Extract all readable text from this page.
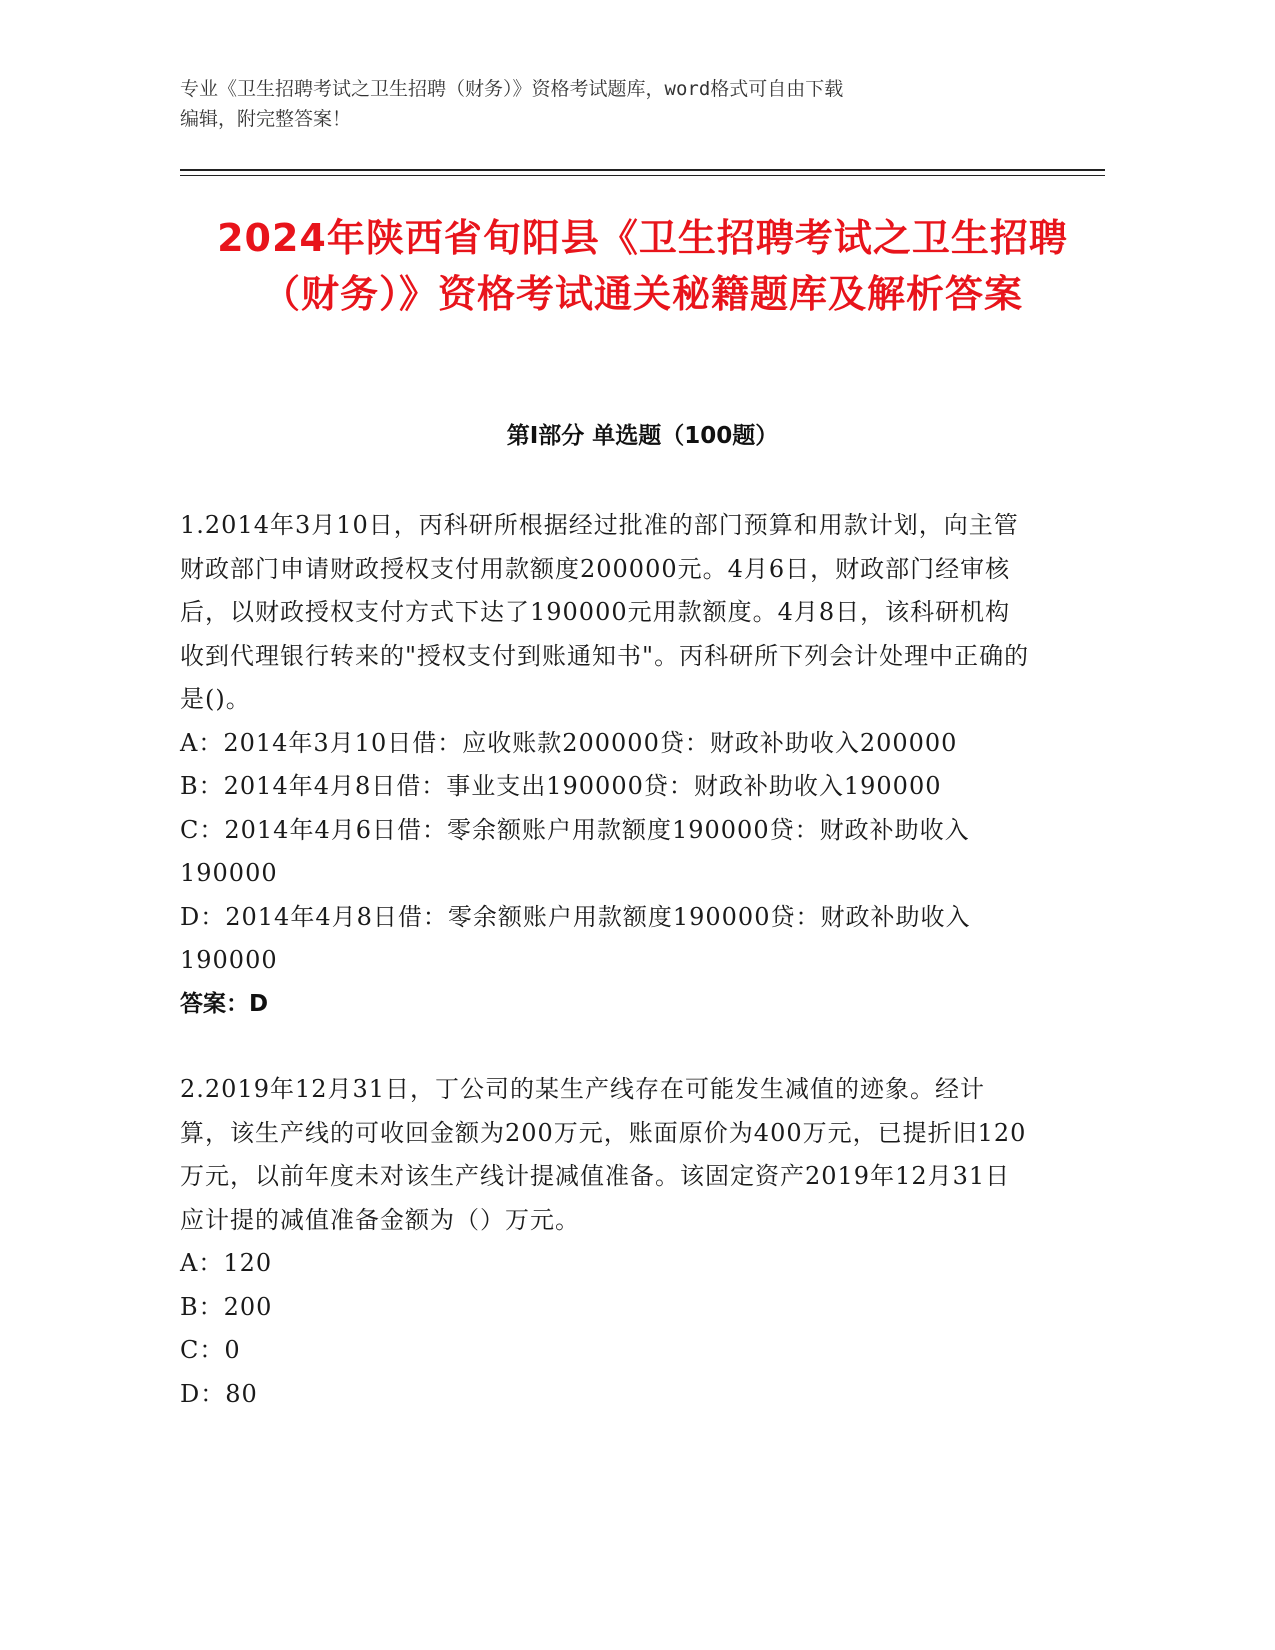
专业《卫生招聘考试之卫生招聘（财务）》资格考试题库，word格式可自由下载
编辑，附完整答案！
2024年陕西省旬阳县《卫生招聘考试之卫生招聘（财务）》资格考试通关秘籍题库及解析答案
第Ⅰ部分 单选题（100题）

1.2014年3月10日，丙科研所根据经过批准的部门预算和用款计划，向主管财政部门申请财政授权支付用款额度200000元。4月6日，财政部门经审核后，以财政授权支付方式下达了190000元用款额度。4月8日，该科研机构收到代理银行转来的"授权支付到账通知书"。丙科研所下列会计处理中正确的是()。

A：2014年3月10日借：应收账款200000贷：财政补助收入200000

B：2014年4月8日借：事业支出190000贷：财政补助收入190000

C：2014年4月6日借：零余额账户用款额度190000贷：财政补助收入190000

D：2014年4月8日借：零余额账户用款额度190000贷：财政补助收入190000

答案：D

2.2019年12月31日，丁公司的某生产线存在可能发生减值的迹象。经计算，该生产线的可收回金额为200万元，账面原价为400万元，已提折旧120万元，以前年度未对该生产线计提减值准备。该固定资产2019年12月31日应计提的减值准备金额为（）万元。

A：120

B：200

C：0

D：80
